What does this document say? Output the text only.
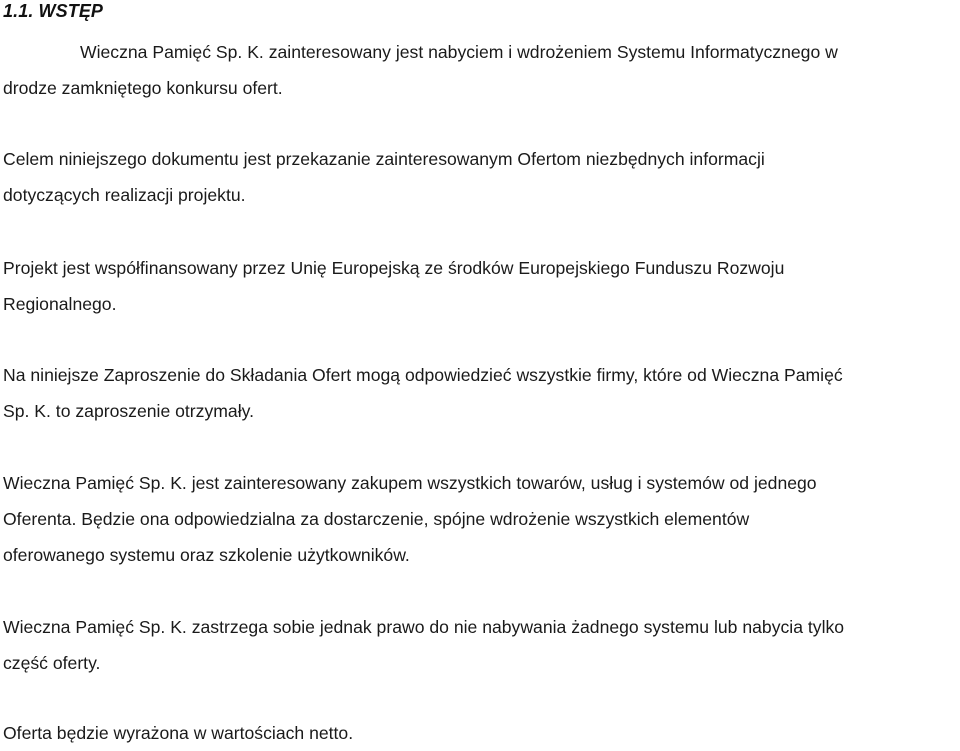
1.1. WSTĘP

Wieczna Pamięć Sp. K. zainteresowany jest nabyciem i wdrożeniem Systemu Informatycznego w
drodze zamkniętego konkursu ofert.

Celem niniejszego dokumentu jest przekazanie zainteresowanym Ofertom niezbędnych informacji
dotyczących realizacji projektu.

Projekt jest współfinansowany przez Unię Europejską ze środków Europejskiego Funduszu Rozwoju
Regionalnego.

Na niniejsze Zaproszenie do Składania Ofert mogą odpowiedzieć wszystkie firmy, które od Wieczna Pamięć
Sp. K. to zaproszenie otrzymały.

Wieczna Pamięć Sp. K. jest zainteresowany zakupem wszystkich towarów, usług i systemów od jednego
Oferenta. Będzie ona odpowiedzialna za dostarczenie, spójne wdrożenie wszystkich elementów
oferowanego systemu oraz szkolenie użytkowników.

Wieczna Pamięć Sp. K. zastrzega sobie jednak prawo do nie nabywania żadnego systemu lub nabycia tylko
część oferty.

Oferta będzie wyrażona w wartościach netto.
